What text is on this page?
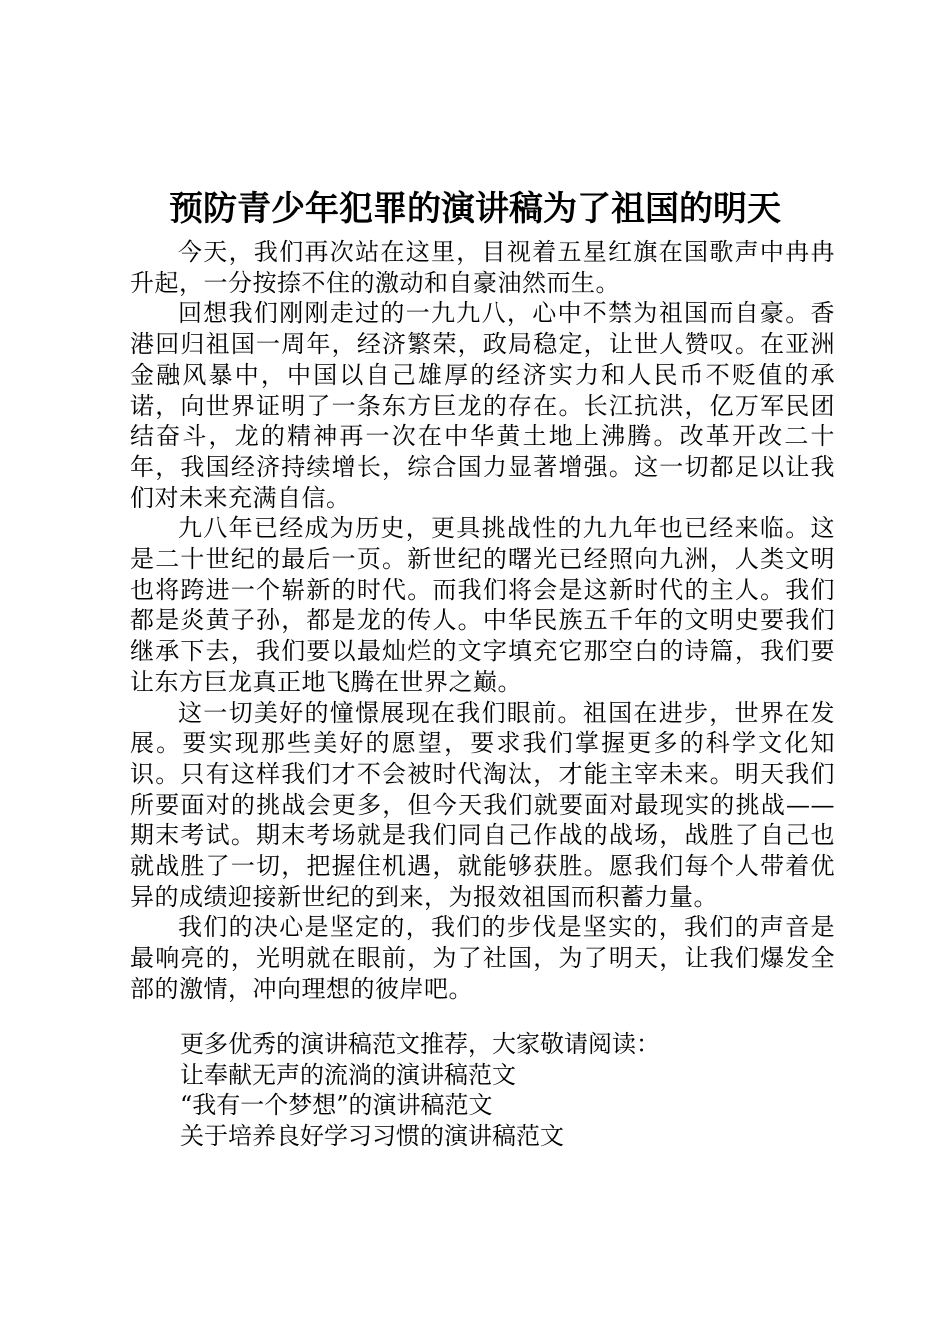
预防青少年犯罪的演讲稿为了祖国的明天

今天，我们再次站在这里，目视着五星红旗在国歌声中冉冉升起，一分按捺不住的激动和自豪油然而生。

回想我们刚刚走过的一九九八，心中不禁为祖国而自豪。香港回归祖国一周年，经济繁荣，政局稳定，让世人赞叹。在亚洲金融风暴中，中国以自己雄厚的经济实力和人民币不贬值的承诺，向世界证明了一条东方巨龙的存在。长江抗洪，亿万军民团结奋斗，龙的精神再一次在中华黄土地上沸腾。改革开改二十年，我国经济持续增长，综合国力显著增强。这一切都足以让我们对未来充满自信。

九八年已经成为历史，更具挑战性的九九年也已经来临。这是二十世纪的最后一页。新世纪的曙光已经照向九洲，人类文明也将跨进一个崭新的时代。而我们将会是这新时代的主人。我们都是炎黄子孙，都是龙的传人。中华民族五千年的文明史要我们继承下去，我们要以最灿烂的文字填充它那空白的诗篇，我们要让东方巨龙真正地飞腾在世界之巅。

这一切美好的憧憬展现在我们眼前。祖国在进步，世界在发展。要实现那些美好的愿望，要求我们掌握更多的科学文化知识。只有这样我们才不会被时代淘汰，才能主宰未来。明天我们所要面对的挑战会更多，但今天我们就要面对最现实的挑战——期末考试。期末考场就是我们同自己作战的战场，战胜了自己也就战胜了一切，把握住机遇，就能够获胜。愿我们每个人带着优异的成绩迎接新世纪的到来，为报效祖国而积蓄力量。

我们的决心是坚定的，我们的步伐是坚实的，我们的声音是最响亮的，光明就在眼前，为了社国，为了明天，让我们爆发全部的激情，冲向理想的彼岸吧。

更多优秀的演讲稿范文推荐，大家敬请阅读：
让奉献无声的流淌的演讲稿范文
“我有一个梦想”的演讲稿范文
关于培养良好学习习惯的演讲稿范文
